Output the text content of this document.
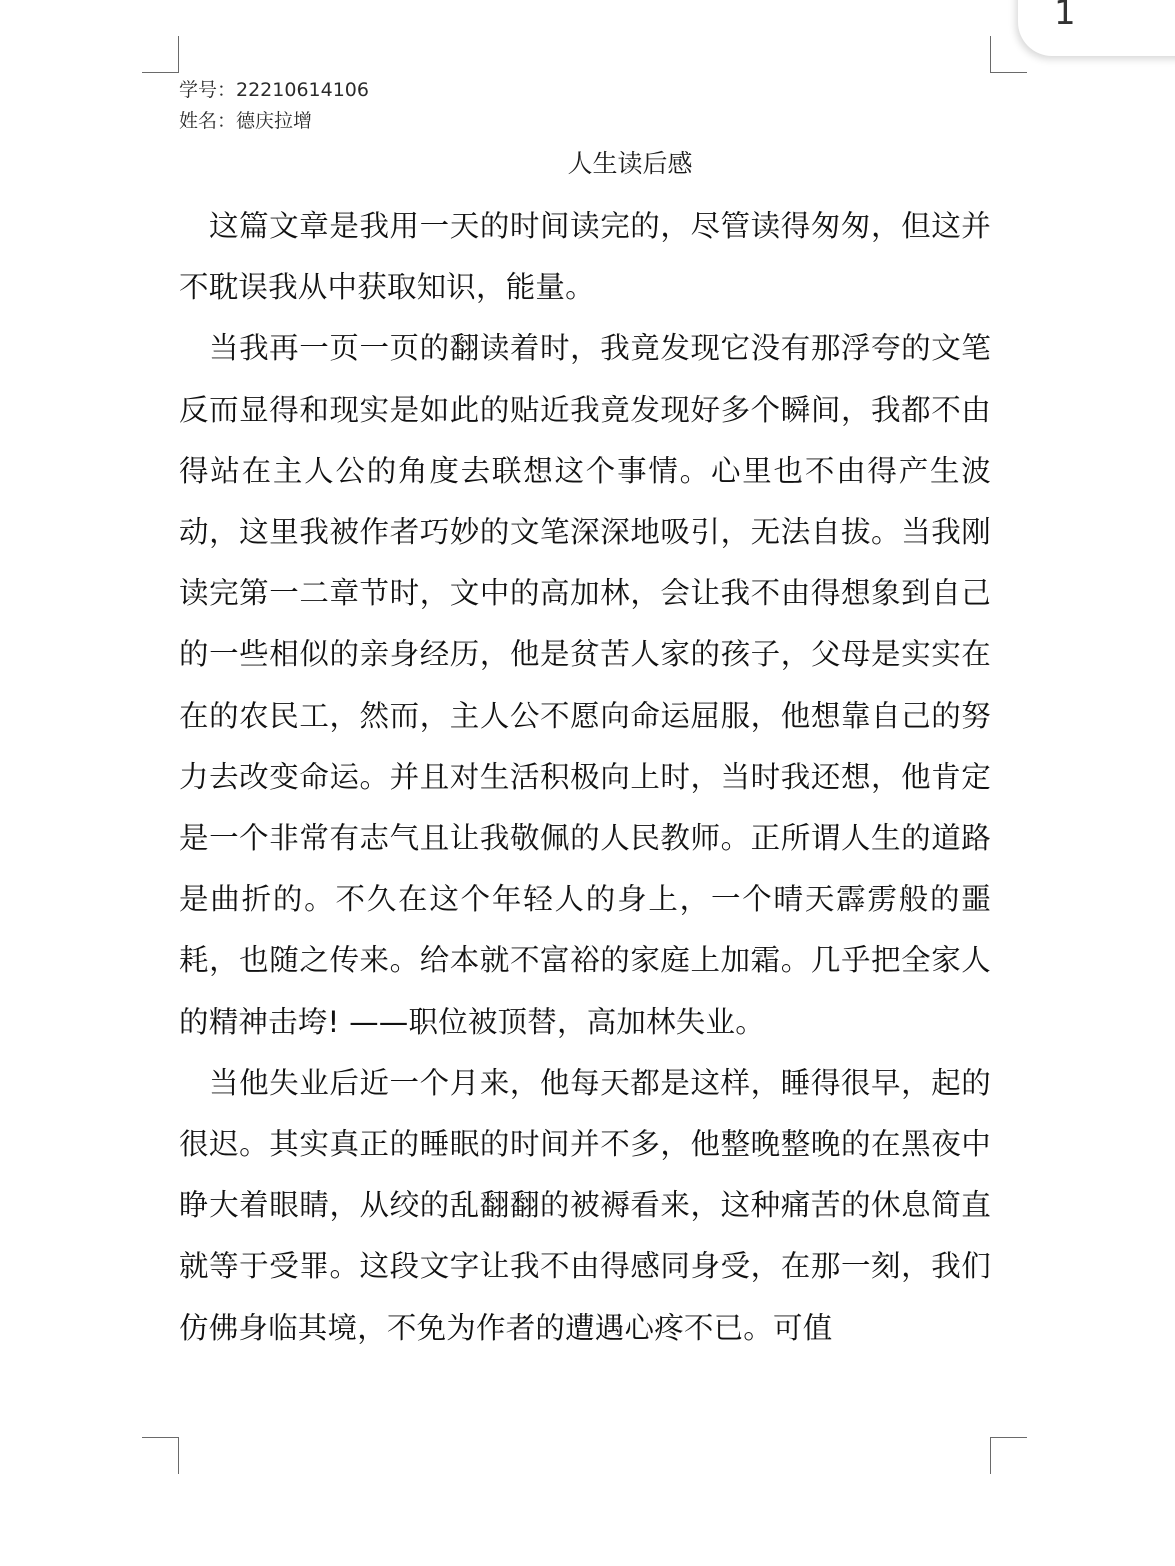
1
学号：22210614106
姓名：德庆拉增
人生读后感

这篇文章是我用一天的时间读完的，尽管读得匆匆，但这并不耽误我从中获取知识，能量。

当我再一页一页的翻读着时，我竟发现它没有那浮夸的文笔反而显得和现实是如此的贴近我竟发现好多个瞬间，我都不由得站在主人公的角度去联想这个事情。心里也不由得产生波动，这里我被作者巧妙的文笔深深地吸引，无法自拔。当我刚读完第一二章节时，文中的高加林，会让我不由得想象到自己的一些相似的亲身经历，他是贫苦人家的孩子，父母是实实在在的农民工，然而，主人公不愿向命运屈服，他想靠自己的努力去改变命运。并且对生活积极向上时，当时我还想，他肯定是一个非常有志气且让我敬佩的人民教师。正所谓人生的道路是曲折的。不久在这个年轻人的身上，一个晴天霹雳般的噩耗，也随之传来。给本就不富裕的家庭上加霜。几乎把全家人的精神击垮! ——职位被顶替，高加林失业。

当他失业后近一个月来，他每天都是这样，睡得很早，起的很迟。其实真正的睡眠的时间并不多，他整晚整晚的在黑夜中睁大着眼睛，从绞的乱翻翻的被褥看来，这种痛苦的休息简直就等于受罪。这段文字让我不由得感同身受，在那一刻，我们仿佛身临其境，不免为作者的遭遇心疼不已。可值
